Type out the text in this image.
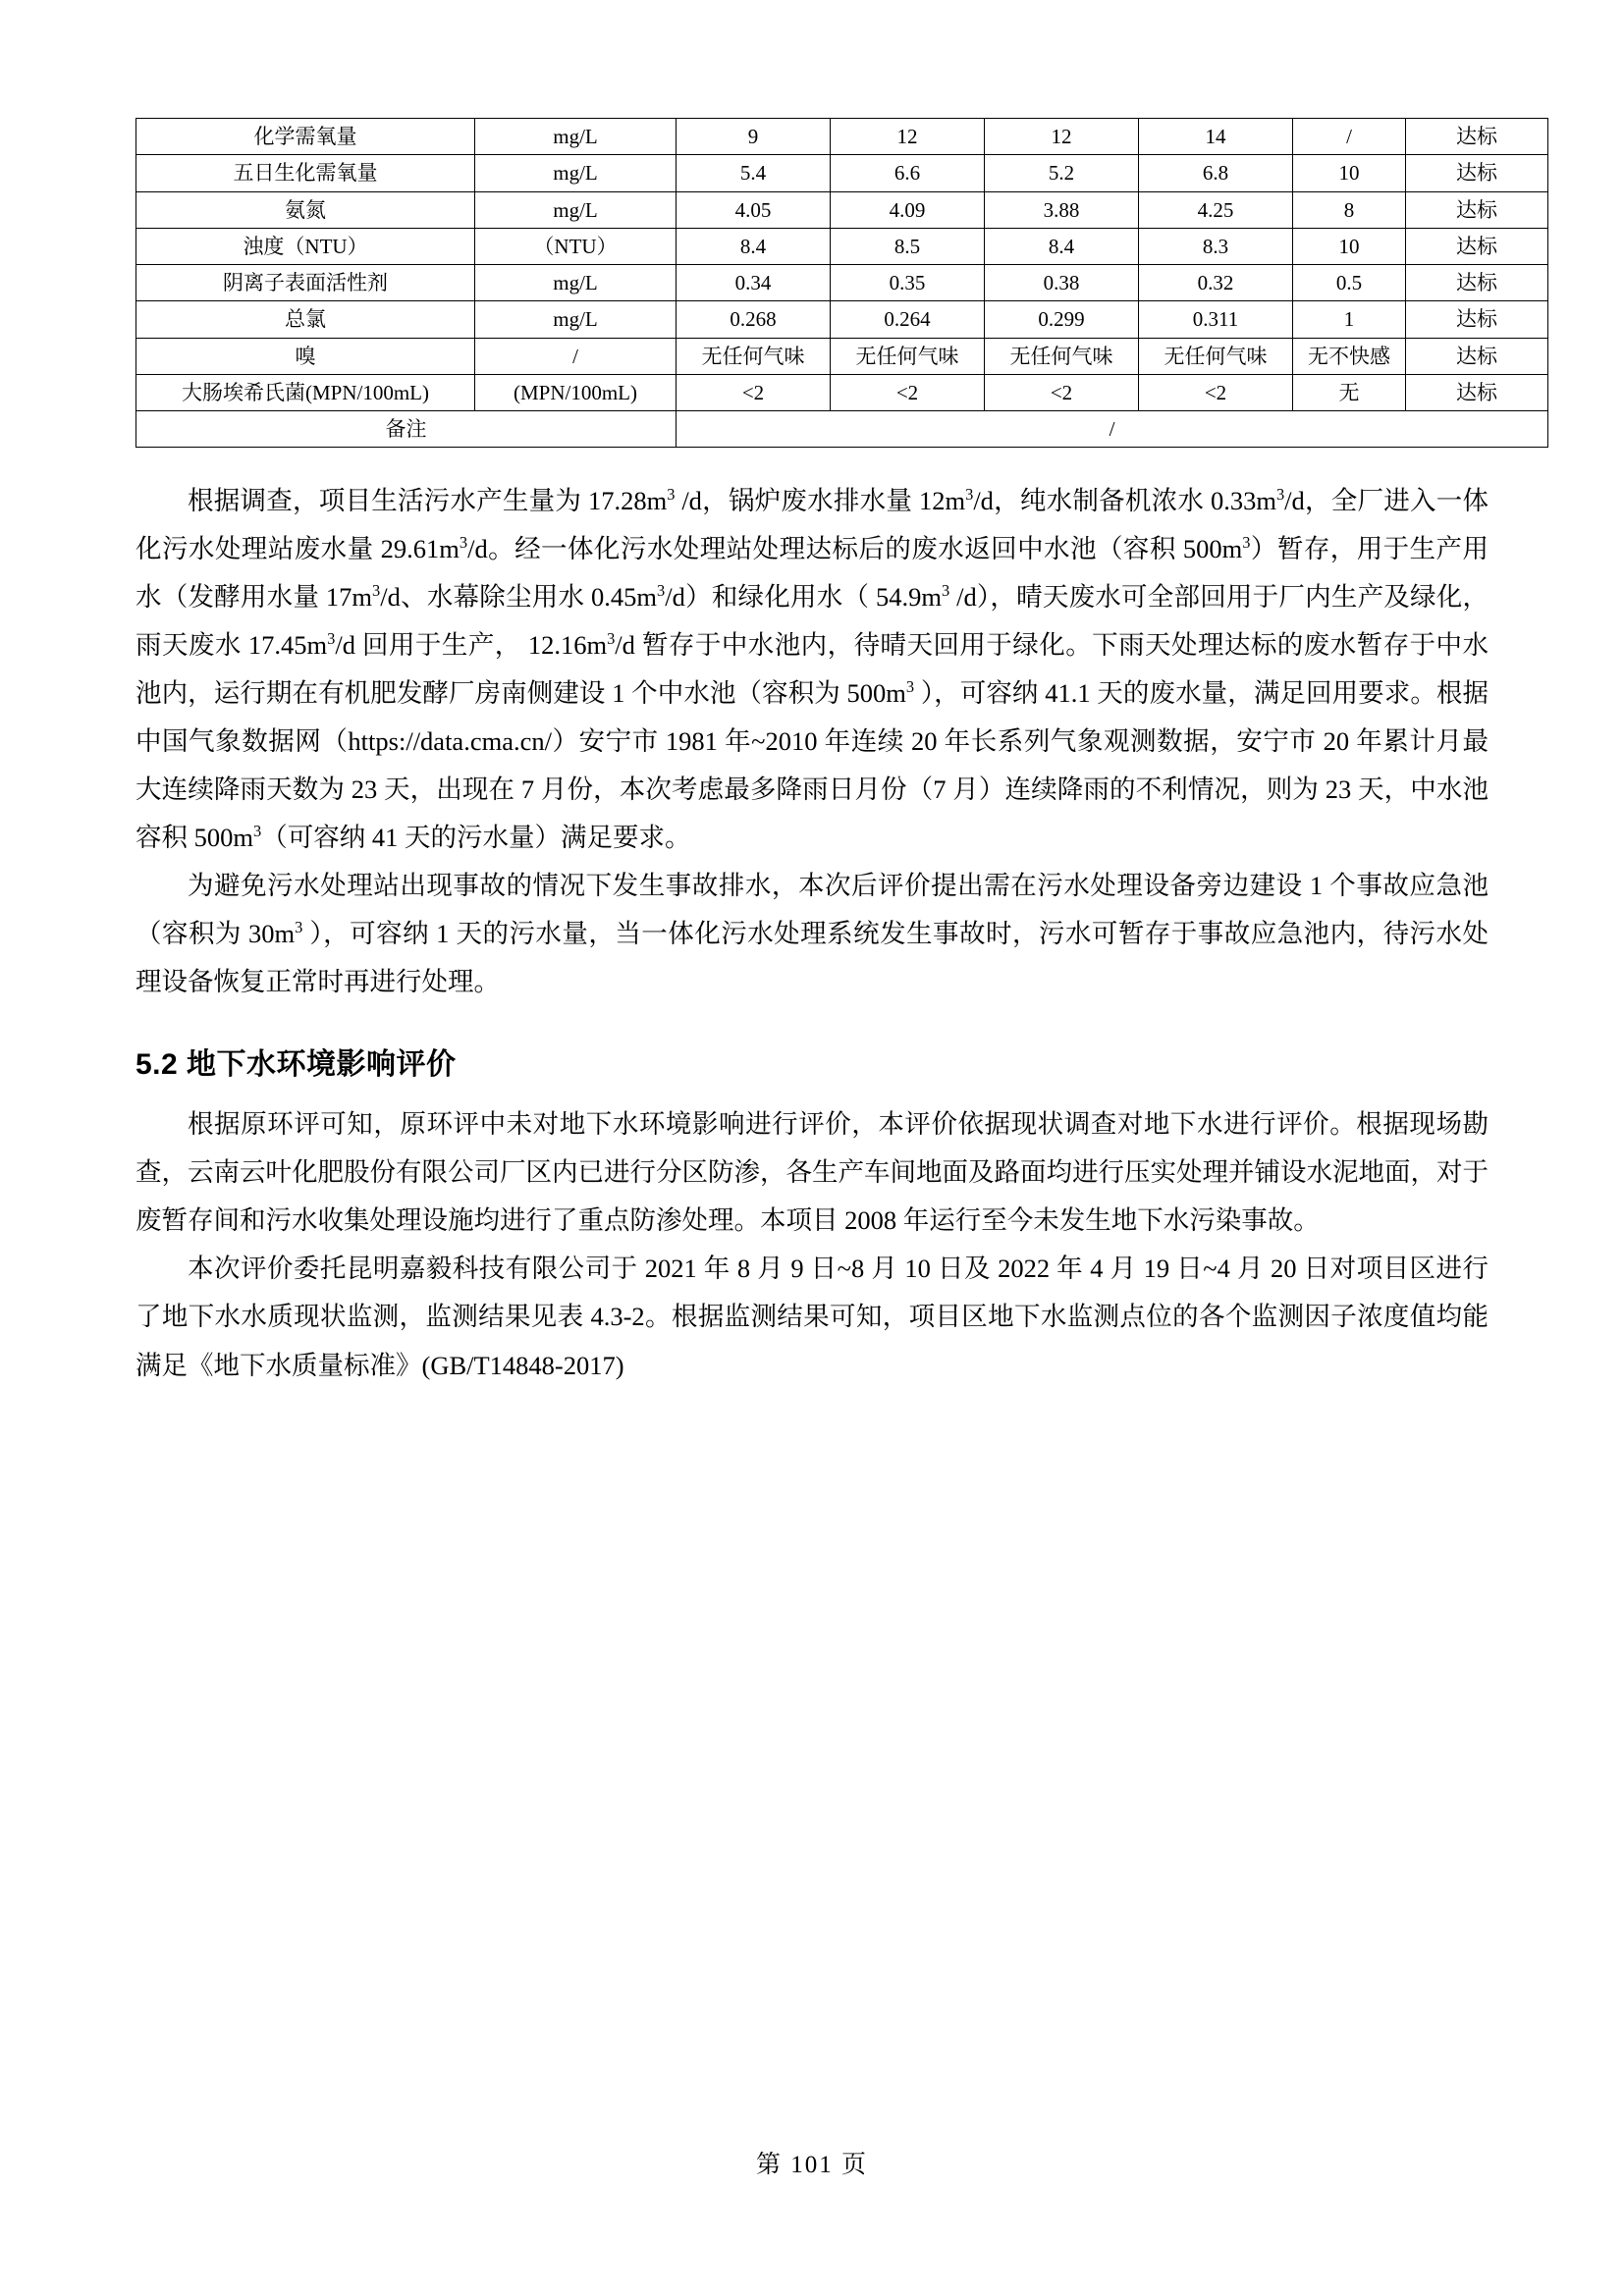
化学需氧量	mg/L	9	12	12	14	/	达标
五日生化需氧量	mg/L	5.4	6.6	5.2	6.8	10	达标
氨氮	mg/L	4.05	4.09	3.88	4.25	8	达标
浊度（NTU）	（NTU）	8.4	8.5	8.4	8.3	10	达标
阴离子表面活性剂	mg/L	0.34	0.35	0.38	0.32	0.5	达标
总氯	mg/L	0.268	0.264	0.299	0.311	1	达标
嗅	/	无任何气味	无任何气味	无任何气味	无任何气味	无不快感	达标
大肠埃希氏菌(MPN/100mL)	(MPN/100mL)	<2	<2	<2	<2	无	达标
备注		/					

根据调查，项目生活污水产生量为 $17.28m^3$ /d，锅炉废水排水量 $12m^3/d$，纯水制备机浓水 $0.33m^3/d$，全厂进入一体化污水处理站废水量 $29.61m^3/d$。经一体化污水处理站处理达标后的废水返回中水池（容积 $500m^3$）暂存，用于生产用水（发酵用水量 $17m^3/d$、水幕除尘用水 $0.45m^3/d$）和绿化用水（ $54.9m^3$ /d），晴天废水可全部回用于厂内生产及绿化，雨天废水 $17.45m^3/d$ 回用于生产， $12.16m^3/d$ 暂存于中水池内，待晴天回用于绿化。下雨天处理达标的废水暂存于中水池内，运行期在有机肥发酵厂房南侧建设 1 个中水池（容积为 $500m^3$ ），可容纳 41.1 天的废水量，满足回用要求。根据中国气象数据网（https://data.cma.cn/）安宁市 1981 年~2010 年连续 20 年长系列气象观测数据，安宁市 20 年累计月最大连续降雨天数为 23 天，出现在 7 月份，本次考虑最多降雨日月份（7 月）连续降雨的不利情况，则为 23 天，中水池容积 $500m^3$（可容纳 41 天的污水量）满足要求。

为避免污水处理站出现事故的情况下发生事故排水，本次后评价提出需在污水处理设备旁边建设 1 个事故应急池（容积为 $30m^3$ ），可容纳 1 天的污水量，当一体化污水处理系统发生事故时，污水可暂存于事故应急池内，待污水处理设备恢复正常时再进行处理。

5.2 地下水环境影响评价

根据原环评可知，原环评中未对地下水环境影响进行评价，本评价依据现状调查对地下水进行评价。根据现场勘查，云南云叶化肥股份有限公司厂区内已进行分区防渗，各生产车间地面及路面均进行压实处理并铺设水泥地面，对于废暂存间和污水收集处理设施均进行了重点防渗处理。本项目 2008 年运行至今未发生地下水污染事故。

本次评价委托昆明嘉毅科技有限公司于 2021 年 8 月 9 日~8 月 10 日及 2022 年 4 月 19 日~4 月 20 日对项目区进行了地下水水质现状监测，监测结果见表 4.3-2。根据监测结果可知，项目区地下水监测点位的各个监测因子浓度值均能满足《地下水质量标准》(GB/T14848-2017)

第 101 页
